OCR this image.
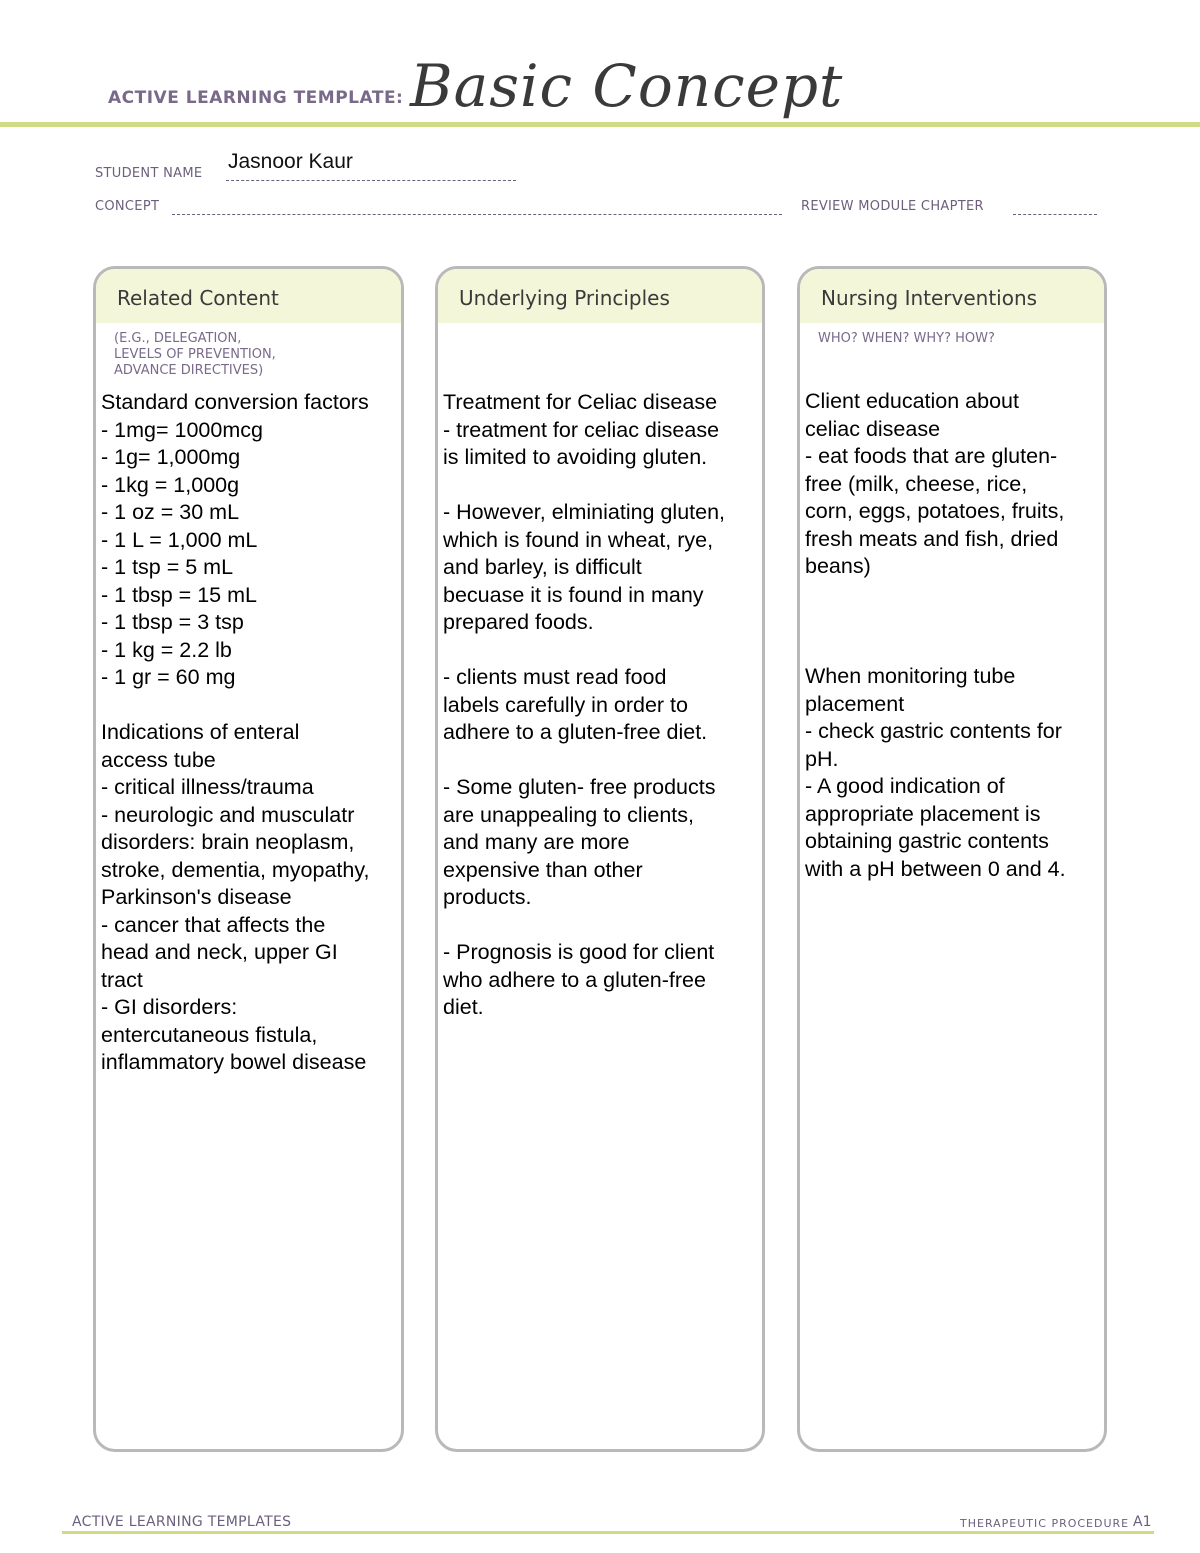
ACTIVE LEARNING TEMPLATE: Basic Concept
STUDENT NAME
Jasnoor Kaur
CONCEPT	REVIEW MODULE CHAPTER
Related Content
(E.G., DELEGATION,
LEVELS OF PREVENTION,
ADVANCE DIRECTIVES)
Standard conversion factors
- 1mg= 1000mcg
- 1g= 1,000mg
- 1kg = 1,000g
- 1 oz = 30 mL
- 1 L = 1,000 mL
- 1 tsp = 5 mL
- 1 tbsp = 15 mL
- 1 tbsp = 3 tsp
- 1 kg = 2.2 lb
- 1 gr = 60 mg

Indications of enteral
access tube
- critical illness/trauma
- neurologic and musculatr
disorders: brain neoplasm,
stroke, dementia, myopathy,
Parkinson's disease
- cancer that affects the
head and neck, upper GI
tract
- GI disorders:
entercutaneous fistula,
inflammatory bowel disease
Underlying Principles
Treatment for Celiac disease
- treatment for celiac disease
is limited to avoiding gluten.

- However, elminiating gluten,
which is found in wheat, rye,
and barley, is difficult
becuase it is found in many
prepared foods.

- clients must read food
labels carefully in order to
adhere to a gluten-free diet.

- Some gluten- free products
are unappealing to clients,
and many are more
expensive than other
products.

- Prognosis is good for client
who adhere to a gluten-free
diet.
Nursing Interventions
WHO? WHEN? WHY? HOW?
Client education about
celiac disease
- eat foods that are gluten-
free (milk, cheese, rice,
corn, eggs, potatoes, fruits,
fresh meats and fish, dried
beans)

When monitoring tube
placement
- check gastric contents for
pH.
- A good indication of
appropriate placement is
obtaining gastric contents
with a pH between 0 and 4.
ACTIVE LEARNING TEMPLATES	THERAPEUTIC PROCEDURE A1
